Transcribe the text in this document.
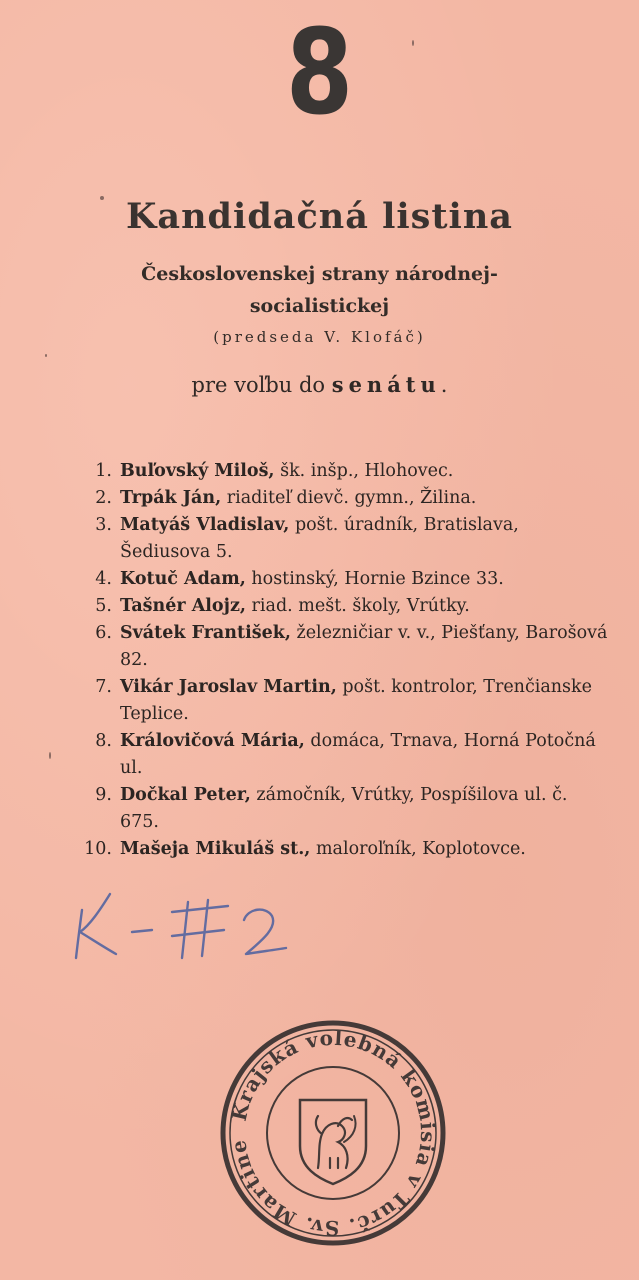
8
Kandidačná listina
Československej strany národnej-
socialistickej
(predseda V. Klofáč)
pre voľbu do senátu.
1. Buľovský Miloš, šk. inšp., Hlohovec.
2. Trpák Ján, riaditeľ dievč. gymn., Žilina.
3. Matyáš Vladislav, pošt. úradník, Bratislava, Šediusova 5.
4. Kotuč Adam, hostinský, Hornie Bzince 33.
5. Tašnér Alojz, riad. mešt. školy, Vrútky.
6. Svátek František, železničiar v. v., Piešťany, Barošová 82.
7. Vikár Jaroslav Martin, pošt. kontrolor, Trenčianske Teplice.
8. Královičová Mária, domáca, Trnava, Horná Potočná ul.
9. Dočkal Peter, zámočník, Vrútky, Pospíšilova ul. č. 675.
10. Mašeja Mikuláš st., maloroľník, Koplotovce.
Krajská volebná komisia v Turč. Sv. Martine
